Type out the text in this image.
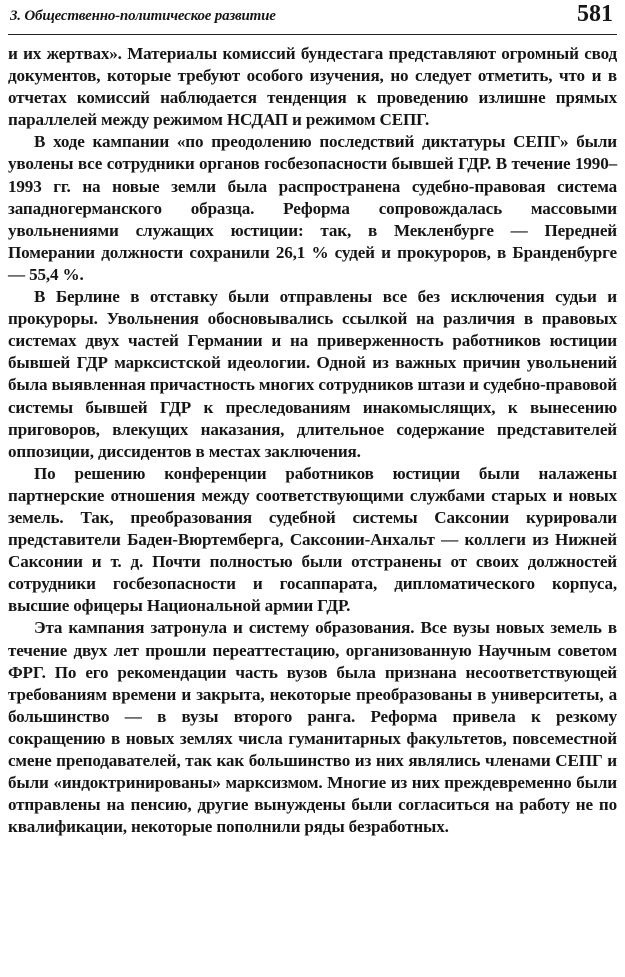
3. Общественно-политическое развитие	581

и их жертвах». Материалы комиссий бундестага представляют огромный свод документов, которые требуют особого изучения, но следует отметить, что и в отчетах комиссий наблюдается тенденция к проведению излишне прямых параллелей между режимом НСДАП и режимом СЕПГ.

В ходе кампании «по преодолению последствий диктатуры СЕПГ» были уволены все сотрудники органов госбезопасности бывшей ГДР. В течение 1990–1993 гг. на новые земли была распространена судебно-правовая система западногерманского образца. Реформа сопровождалась массовыми увольнениями служащих юстиции: так, в Мекленбурге — Передней Померании должности сохранили 26,1 % судей и прокуроров, в Бранденбурге — 55,4 %.

В Берлине в отставку были отправлены все без исключения судьи и прокуроры. Увольнения обосновывались ссылкой на различия в правовых системах двух частей Германии и на приверженность работников юстиции бывшей ГДР марксистской идеологии. Одной из важных причин увольнений была выявленная причастность многих сотрудников штази и судебно-правовой системы бывшей ГДР к преследованиям инакомыслящих, к вынесению приговоров, влекущих наказания, длительное содержание представителей оппозиции, диссидентов в местах заключения.

По решению конференции работников юстиции были налажены партнерские отношения между соответствующими службами старых и новых земель. Так, преобразования судебной системы Саксонии курировали представители Баден-Вюртемберга, Саксонии-Анхальт — коллеги из Нижней Саксонии и т. д. Почти полностью были отстранены от своих должностей сотрудники госбезопасности и госаппарата, дипломатического корпуса, высшие офицеры Национальной армии ГДР.

Эта кампания затронула и систему образования. Все вузы новых земель в течение двух лет прошли переаттестацию, организованную Научным советом ФРГ. По его рекомендации часть вузов была признана несоответствующей требованиям времени и закрыта, некоторые преобразованы в университеты, а большинство — в вузы второго ранга. Реформа привела к резкому сокращению в новых землях числа гуманитарных факультетов, повсеместной смене преподавателей, так как большинство из них являлись членами СЕПГ и были «индоктринированы» марксизмом. Многие из них преждевременно были отправлены на пенсию, другие вынуждены были согласиться на работу не по квалификации, некоторые пополнили ряды безработных.
